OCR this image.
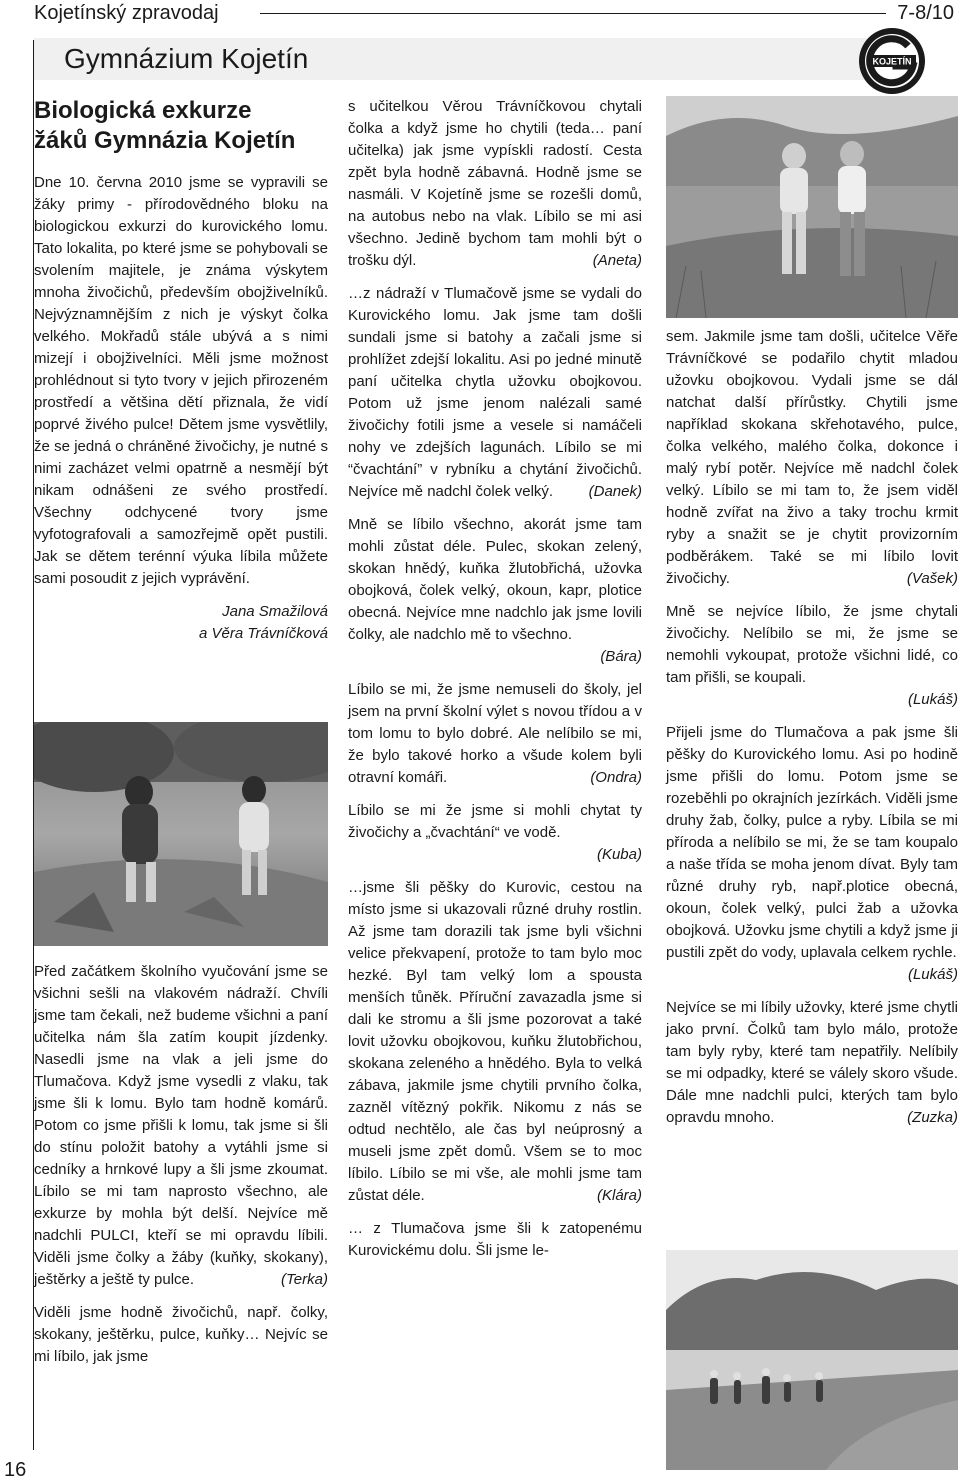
Kojetínský zpravodaj	7-8/10
Gymnázium Kojetín	KOJETÍN
16
Biologická exkurze
žáků Gymnázia Kojetín

Dne 10. června 2010 jsme se vypravili se žáky primy - přírodovědného bloku na biologickou exkurzi do kurovického lomu. Tato lokalita, po které jsme se pohybovali se svolením majitele, je známa výskytem mnoha živočichů, především obojživelníků. Nejvýznamnějším z nich je výskyt čolka velkého. Mokřadů stále ubývá a s nimi mizejí i obojživelníci. Měli jsme možnost prohlédnout si tyto tvory v jejich přirozeném prostředí a většina dětí přiznala, že vidí poprvé živého pulce! Dětem jsme vysvětlily, že se jedná o chráněné živočichy, je nutné s nimi zacházet velmi opatrně a nesmějí být nikam odnášeni ze svého prostředí. Všechny odchycené tvory jsme vyfotografovali a samozřejmě opět pustili. Jak se dětem terénní výuka líbila můžete sami posoudit z jejich vyprávění.

Jana Smažilová
a Věra Trávníčková

Před začátkem školního vyučování jsme se všichni sešli na vlakovém nádraží. Chvíli jsme tam čekali, než budeme všichni a paní učitelka nám šla zatím koupit jízdenky. Nasedli jsme na vlak a jeli jsme do Tlumačova. Když jsme vysedli z vlaku, tak jsme šli k lomu. Bylo tam hodně komárů. Potom co jsme přišli k lomu, tak jsme si šli do stínu položit batohy a vytáhli jsme si cedníky a hrnkové lupy a šli jsme zkoumat. Líbilo se mi tam naprosto všechno, ale exkurze by mohla být delší. Nejvíce mě nadchli PULCI, kteří se mi opravdu líbili. Viděli jsme čolky a žáby (kuňky, skokany), ještěrky a ještě ty pulce.	(Terka)

Viděli jsme hodně živočichů, např. čolky, skokany, ještěrku, pulce, kuňky… Nejvíc se mi líbilo, jak jsme

s učitelkou Věrou Trávníčkovou chytali čolka a když jsme ho chytili (teda… paní učitelka) jak jsme vypískli radostí. Cesta zpět byla hodně zábavná. Hodně jsme se nasmáli. V Kojetíně jsme se rozešli domů, na autobus nebo na vlak. Líbilo se mi asi všechno. Jedině bychom tam mohli být o trošku dýl.	(Aneta)

…z nádraží v Tlumačově jsme se vydali do Kurovického lomu. Jak jsme tam došli sundali jsme si batohy a začali jsme si prohlížet zdejší lokalitu. Asi po jedné minutě paní učitelka chytla užovku obojkovou. Potom už jsme jenom nalézali samé živočichy fotili jsme a vesele si namáčeli nohy ve zdejších lagunách. Líbilo se mi “čvachtání” v rybníku a chytání živočichů. Nejvíce mě nadchl čolek velký. (Danek)

Mně se líbilo všechno, akorát jsme tam mohli zůstat déle. Pulec, skokan zelený, skokan hnědý, kuňka žlutobřichá, užovka obojková, čolek velký, okoun, kapr, plotice obecná. Nejvíce mne nadchlo jak jsme lovili čolky, ale nadchlo mě to všechno.
(Bára)

Líbilo se mi, že jsme nemuseli do školy, jel jsem na první školní výlet s novou třídou a v tom lomu to bylo dobré. Ale nelíbilo se mi, že bylo takové horko a všude kolem byli otravní komáři.	(Ondra)

Líbilo se mi že jsme si mohli chytat ty živočichy a „čvachtání“ ve vodě.
(Kuba)

…jsme šli pěšky do Kurovic, cestou na místo jsme si ukazovali různé druhy rostlin. Až jsme tam dorazili tak jsme byli všichni velice překvapení, protože to tam bylo moc hezké. Byl tam velký lom a spousta menších tůněk. Příruční zavazadla jsme si dali ke stromu a šli jsme pozorovat a také lovit užovku obojkovou, kuňku žlutobřichou, skokana zeleného a hnědého. Byla to velká zábava, jakmile jsme chytili prvního čolka, zazněl vítězný pokřik. Nikomu z nás se odtud nechtělo, ale čas byl neúprosný a museli jsme zpět domů. Všem se to moc líbilo. Líbilo se mi vše, ale mohli jsme tam zůstat déle.	(Klára)

… z Tlumačova jsme šli k zatopenému Kurovickému dolu. Šli jsme le-

sem. Jakmile jsme tam došli, učitelce Věře Trávníčkové se podařilo chytit mladou užovku obojkovou. Vydali jsme se dál natchat další přírůstky. Chytili jsme například skokana skřehotavého, pulce, čolka velkého, malého čolka, dokonce i malý rybí potěr. Nejvíce mě nadchl čolek velký. Líbilo se mi tam to, že jsem viděl hodně zvířat na živo a taky trochu krmit ryby a snažit se je chytit provizorním podběrákem. Také se mi líbilo lovit živočichy.	(Vašek)

Mně se nejvíce líbilo, že jsme chytali živočichy. Nelíbilo se mi, že jsme se nemohli vykoupat, protože všichni lidé, co tam přišli, se koupali.
(Lukáš)

Přijeli jsme do Tlumačova a pak jsme šli pěšky do Kurovického lomu. Asi po hodině jsme přišli do lomu. Potom jsme se rozeběhli po okrajních jezírkách. Viděli jsme druhy žab, čolky, pulce a ryby. Líbila se mi příroda a nelíbilo se mi, že se tam koupalo a naše třída se moha jenom dívat. Byly tam různé druhy ryb, např.plotice obecná, okoun, čolek velký, pulci žab a užovka obojková. Užovku jsme chytili a když jsme ji pustili zpět do vody, uplavala celkem rychle.
(Lukáš)

Nejvíce se mi líbily užovky, které jsme chytli jako první. Čolků tam bylo málo, protože tam byly ryby, které tam nepatřily. Nelíbily se mi odpadky, které se válely skoro všude. Dále mne nadchli pulci, kterých tam bylo opravdu mnoho.	(Zuzka)
